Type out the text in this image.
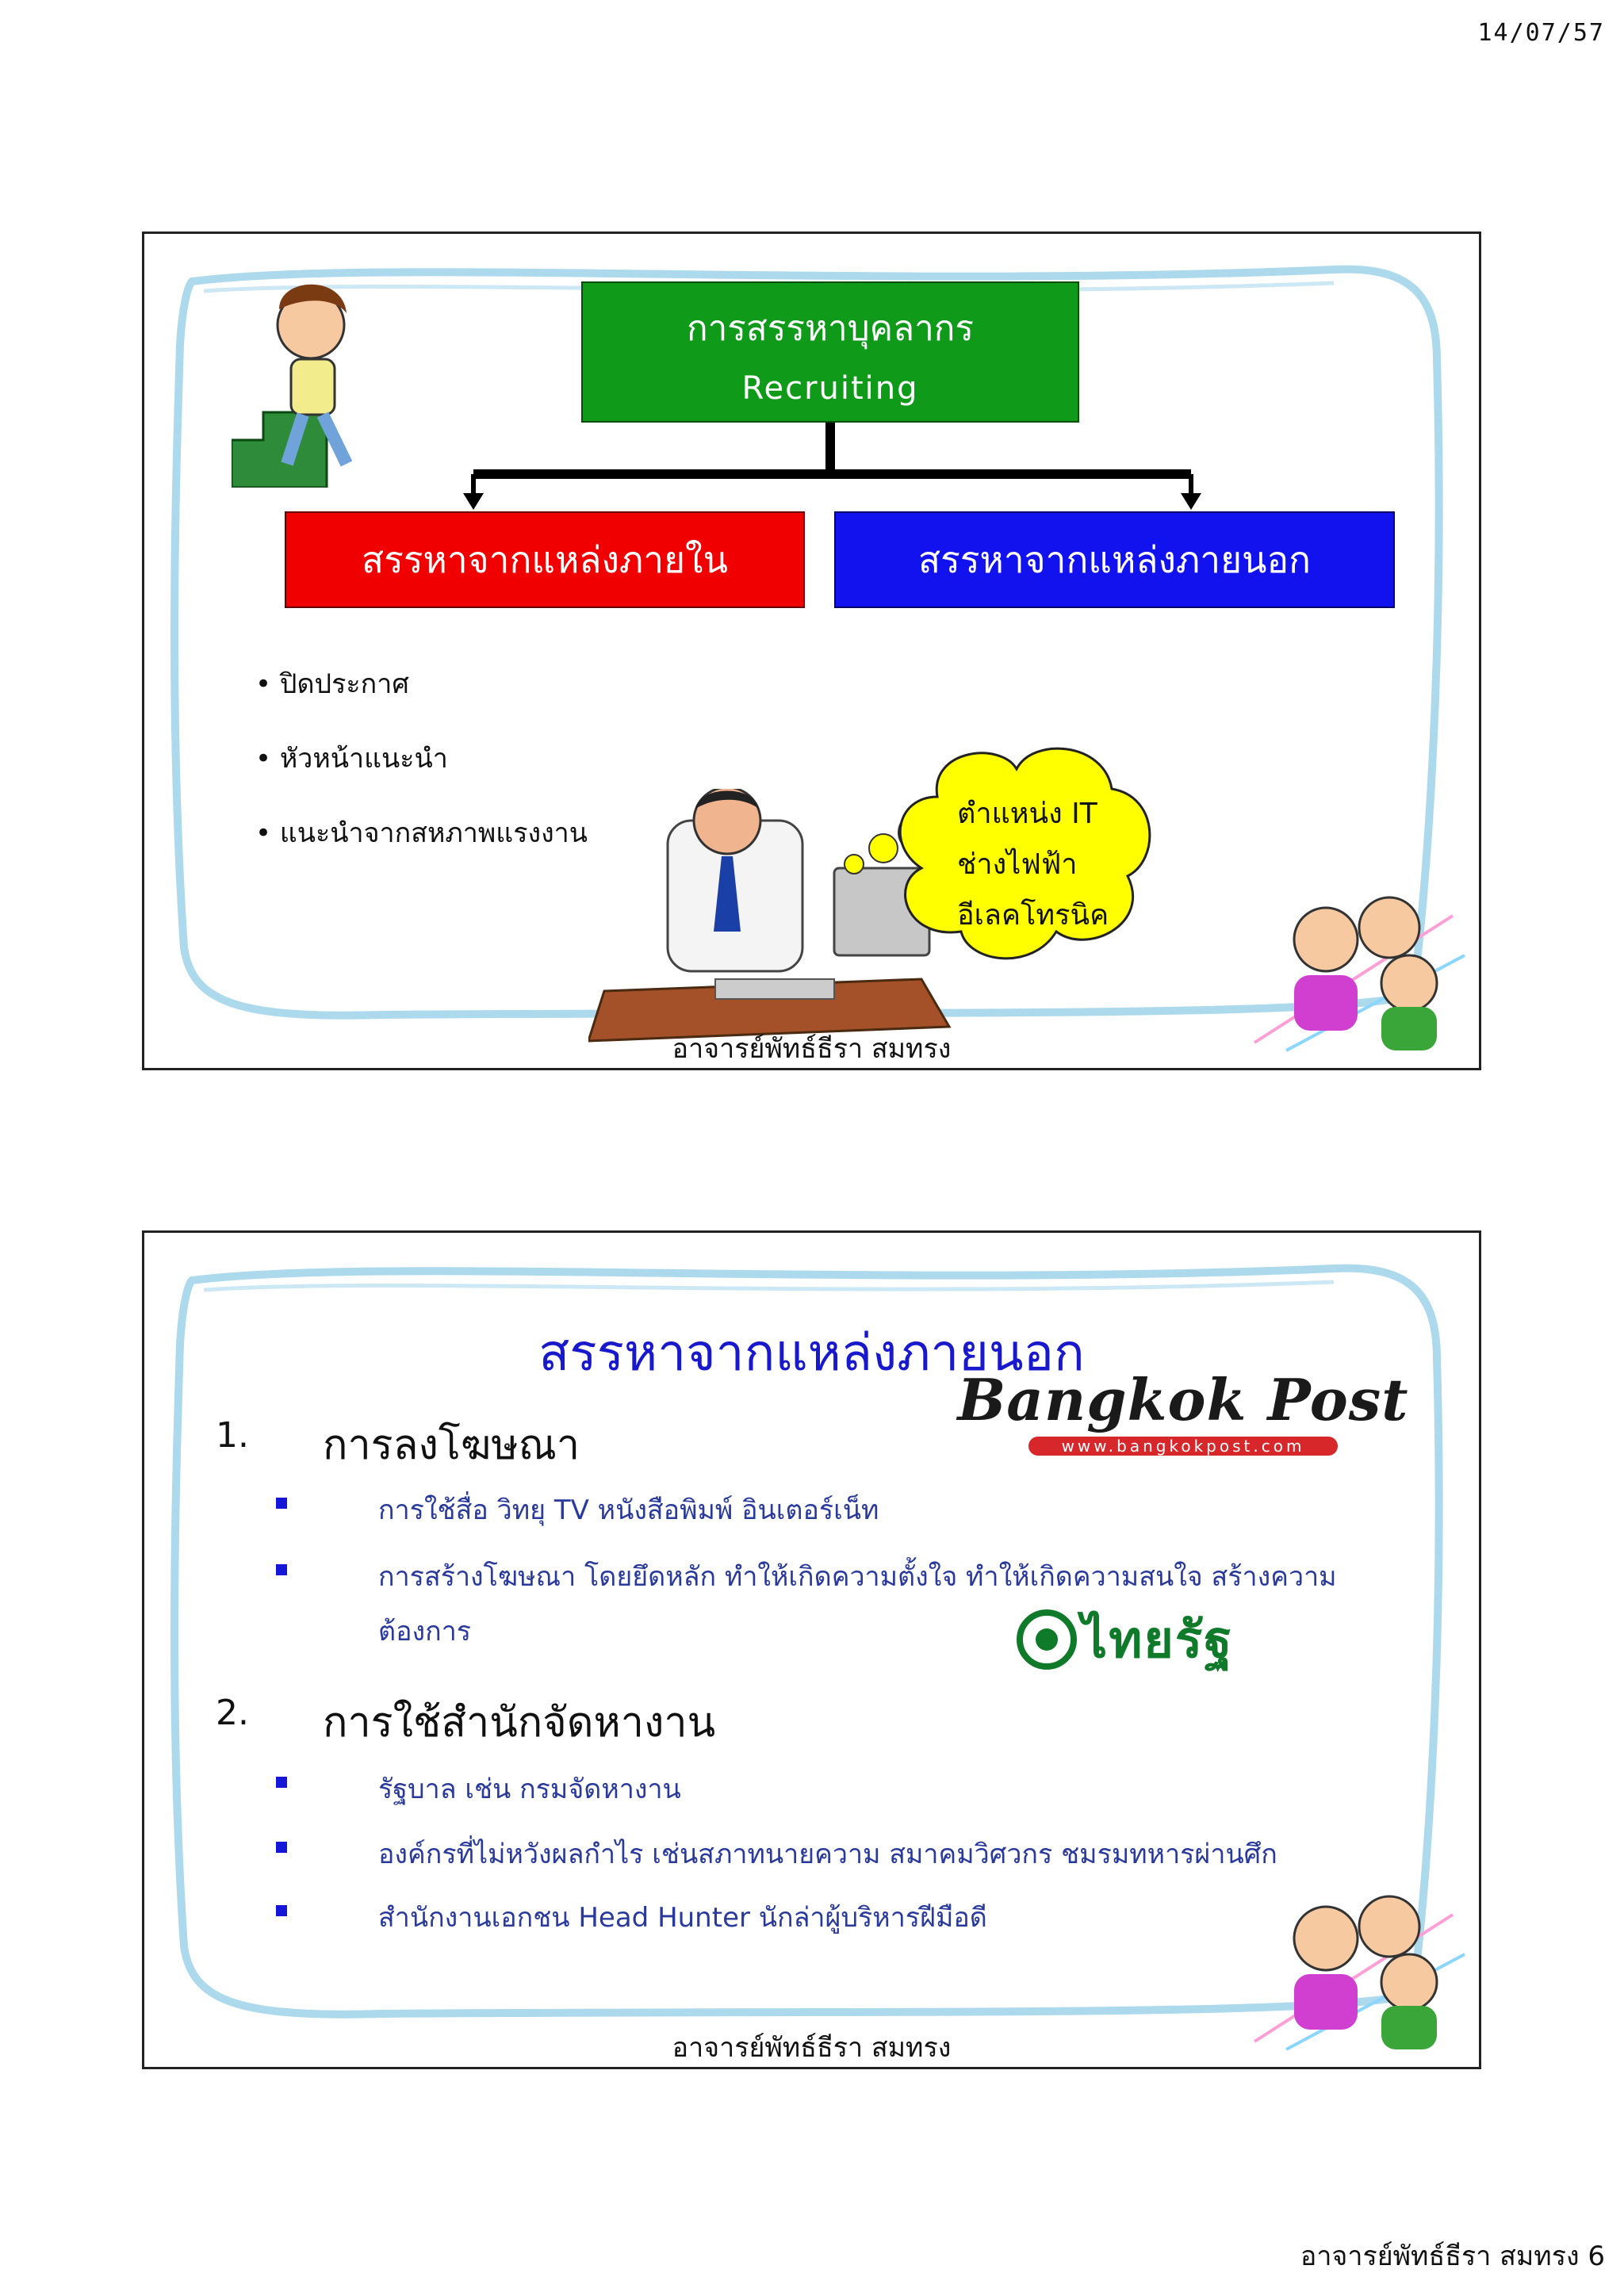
14/07/57
การสรรหาบุคลากร
Recruiting
สรรหาจากแหล่งภายใน	สรรหาจากแหล่งภายนอก
• ปิดประกาศ
• หัวหน้าแนะนำ
• แนะนำจากสหภาพแรงงาน
ตำแหน่ง IT
ช่างไฟฟ้า
อีเลคโทรนิค
อาจารย์พัทธ์ธีรา สมทรง
สรรหาจากแหล่งภายนอก
Bangkok Post
www.bangkokpost.com
1. การลงโฆษณา
การใช้สื่อ วิทยุ TV หนังสือพิมพ์ อินเตอร์เน็ท
การสร้างโฆษณา โดยยึดหลัก ทำให้เกิดความตั้งใจ ทำให้เกิดความสนใจ สร้างความ
ต้องการ	ไทยรัฐ
2. การใช้สำนักจัดหางาน
รัฐบาล เช่น กรมจัดหางาน
องค์กรที่ไม่หวังผลกำไร เช่นสภาทนายความ สมาคมวิศวกร ชมรมทหารผ่านศึก
สำนักงานเอกชน Head Hunter นักล่าผู้บริหารฝีมือดี
อาจารย์พัทธ์ธีรา สมทรง
อาจารย์พัทธ์ธีรา สมทรง 6
